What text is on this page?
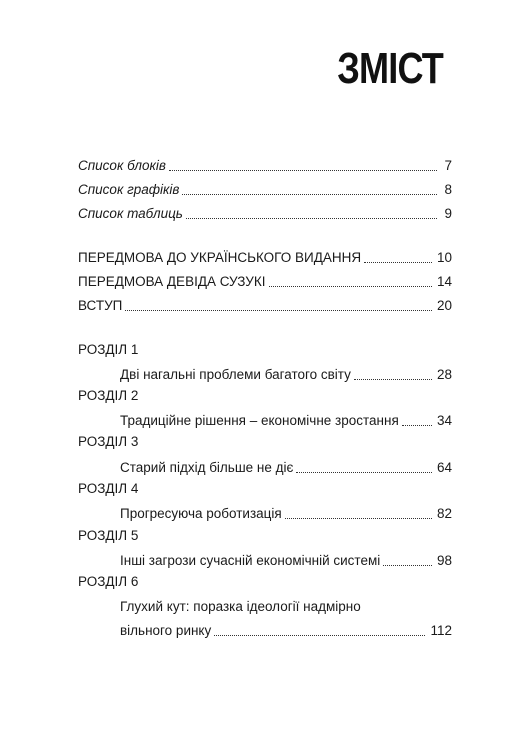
ЗМІСТ
Список блоків	7
Список графіків	8
Список таблиць	9
ПЕРЕДМОВА ДО УКРАЇНСЬКОГО ВИДАННЯ	10
ПЕРЕДМОВА ДЕВІДА СУЗУКІ	14
ВСТУП	20
РОЗДІЛ 1
Дві нагальні проблеми багатого світу	28
РОЗДІЛ 2
Традиційне рішення – економічне зростання	34
РОЗДІЛ 3
Старий підхід більше не діє	64
РОЗДІЛ 4
Прогресуюча роботизація	82
РОЗДІЛ 5
Інші загрози сучасній економічній системі	98
РОЗДІЛ 6
Глухий кут: поразка ідеології надмірно
вільного ринку	112
